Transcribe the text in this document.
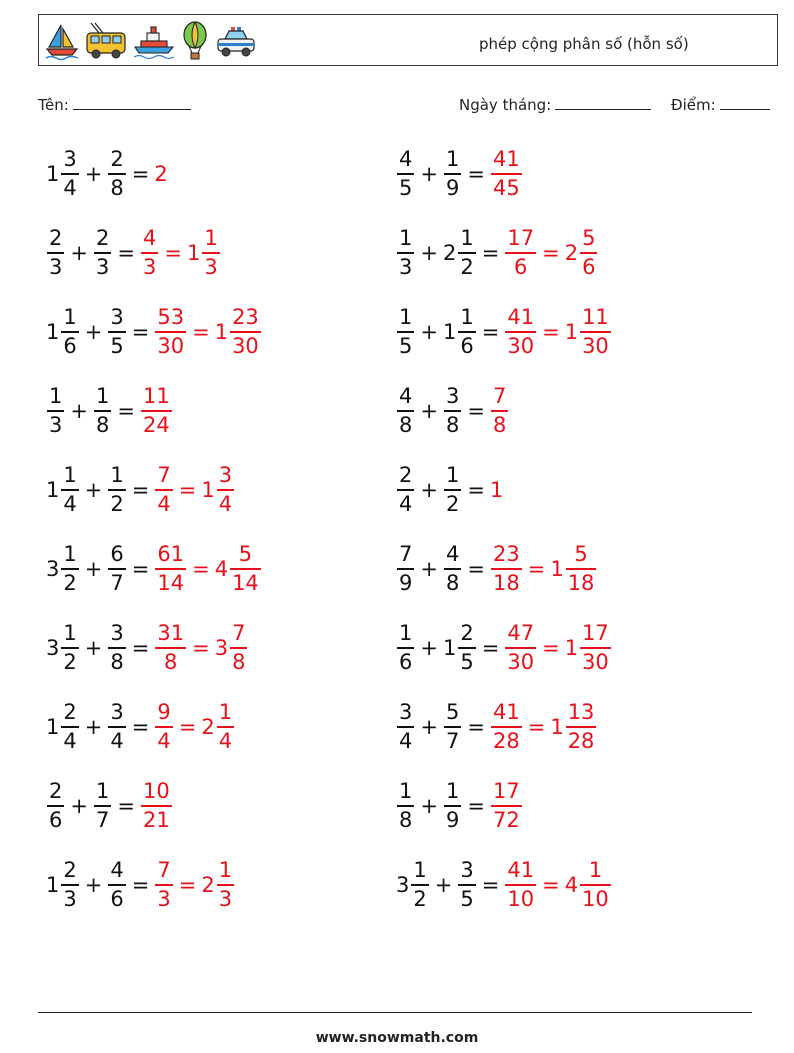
phép cộng phân số (hỗn số)
Tên:	Ngày tháng:	Điểm:
$1 \frac{3}{4} + \frac{2}{8} = 2$	$\frac{4}{5} + \frac{1}{9} = \frac{41}{45}$
$\frac{2}{3} + \frac{2}{3} = \frac{4}{3} = 1 \frac{1}{3}$	$\frac{1}{3} + 2 \frac{1}{2} = \frac{17}{6} = 2 \frac{5}{6}$
$1 \frac{1}{6} + \frac{3}{5} = \frac{53}{30} = 1 \frac{23}{30}$	$\frac{1}{5} + 1 \frac{1}{6} = \frac{41}{30} = 1 \frac{11}{30}$
$\frac{1}{3} + \frac{1}{8} = \frac{11}{24}$	$\frac{4}{8} + \frac{3}{8} = \frac{7}{8}$
$1 \frac{1}{4} + \frac{1}{2} = \frac{7}{4} = 1 \frac{3}{4}$	$\frac{2}{4} + \frac{1}{2} = 1$
$3 \frac{1}{2} + \frac{6}{7} = \frac{61}{14} = 4 \frac{5}{14}$	$\frac{7}{9} + \frac{4}{8} = \frac{23}{18} = 1 \frac{5}{18}$
$3 \frac{1}{2} + \frac{3}{8} = \frac{31}{8} = 3 \frac{7}{8}$	$\frac{1}{6} + 1 \frac{2}{5} = \frac{47}{30} = 1 \frac{17}{30}$
$1 \frac{2}{4} + \frac{3}{4} = \frac{9}{4} = 2 \frac{1}{4}$	$\frac{3}{4} + \frac{5}{7} = \frac{41}{28} = 1 \frac{13}{28}$
$\frac{2}{6} + \frac{1}{7} = \frac{10}{21}$	$\frac{1}{8} + \frac{1}{9} = \frac{17}{72}$
$1 \frac{2}{3} + \frac{4}{6} = \frac{7}{3} = 2 \frac{1}{3}$	$3 \frac{1}{2} + \frac{3}{5} = \frac{41}{10} = 4 \frac{1}{10}$
www.snowmath.com
